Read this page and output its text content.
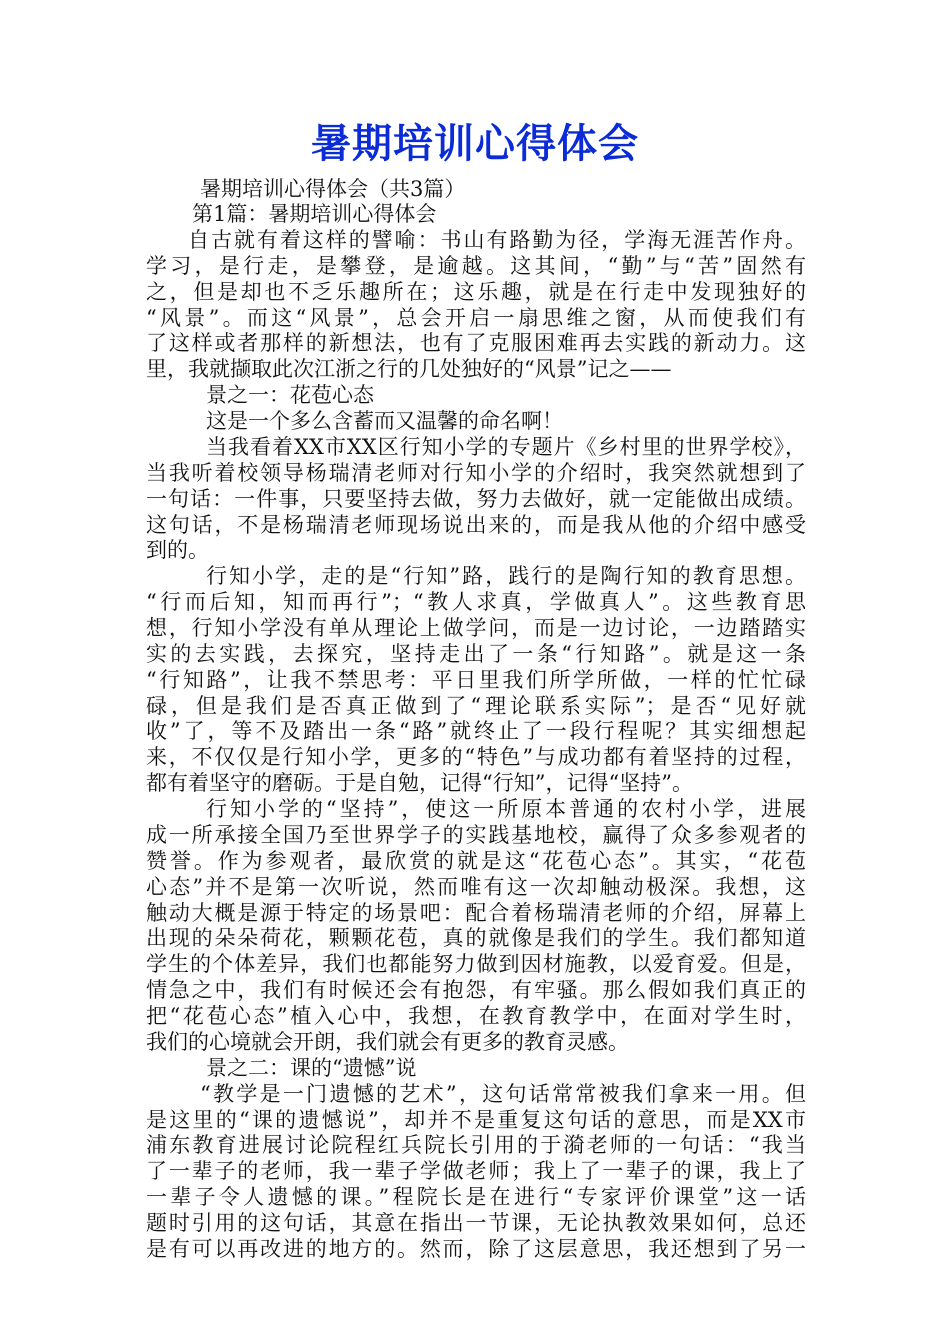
暑期培训心得体会
暑期培训心得体会（共3篇）
第1篇：暑期培训心得体会
自古就有着这样的譬喻：书山有路勤为径，学海无涯苦作舟。
学习，是行走，是攀登，是逾越。这其间，“勤”与“苦”固然有
之，但是却也不乏乐趣所在；这乐趣，就是在行走中发现独好的
“风景”。而这“风景”，总会开启一扇思维之窗，从而使我们有
了这样或者那样的新想法，也有了克服困难再去实践的新动力。这
里，我就撷取此次江浙之行的几处独好的“风景”记之——
景之一：花苞心态
这是一个多么含蓄而又温馨的命名啊！
当我看着XX市XX区行知小学的专题片《乡村里的世界学校》，
当我听着校领导杨瑞清老师对行知小学的介绍时，我突然就想到了
一句话：一件事，只要坚持去做，努力去做好，就一定能做出成绩。
这句话，不是杨瑞清老师现场说出来的，而是我从他的介绍中感受
到的。
行知小学，走的是“行知”路，践行的是陶行知的教育思想。
“行而后知，知而再行”；“教人求真，学做真人”。这些教育思
想，行知小学没有单从理论上做学问，而是一边讨论，一边踏踏实
实的去实践，去探究，坚持走出了一条“行知路”。就是这一条
“行知路”，让我不禁思考：平日里我们所学所做，一样的忙忙碌
碌，但是我们是否真正做到了“理论联系实际”；是否“见好就
收”了，等不及踏出一条“路”就终止了一段行程呢？其实细想起
来，不仅仅是行知小学，更多的“特色”与成功都有着坚持的过程，
都有着坚守的磨砺。于是自勉，记得“行知”，记得“坚持”。
行知小学的“坚持”，使这一所原本普通的农村小学，进展
成一所承接全国乃至世界学子的实践基地校，赢得了众多参观者的
赞誉。作为参观者，最欣赏的就是这“花苞心态”。其实，“花苞
心态”并不是第一次听说，然而唯有这一次却触动极深。我想，这
触动大概是源于特定的场景吧：配合着杨瑞清老师的介绍，屏幕上
出现的朵朵荷花，颗颗花苞，真的就像是我们的学生。我们都知道
学生的个体差异，我们也都能努力做到因材施教，以爱育爱。但是，
情急之中，我们有时候还会有抱怨，有牢骚。那么假如我们真正的
把“花苞心态”植入心中，我想，在教育教学中，在面对学生时，
我们的心境就会开朗，我们就会有更多的教育灵感。
景之二：课的“遗憾”说
“教学是一门遗憾的艺术”，这句话常常被我们拿来一用。但
是这里的“课的遗憾说”，却并不是重复这句话的意思，而是XX市
浦东教育进展讨论院程红兵院长引用的于漪老师的一句话：“我当
了一辈子的老师，我一辈子学做老师；我上了一辈子的课，我上了
一辈子令人遗憾的课。”程院长是在进行“专家评价课堂”这一话
题时引用的这句话，其意在指出一节课，无论执教效果如何，总还
是有可以再改进的地方的。然而，除了这层意思，我还想到了另一
